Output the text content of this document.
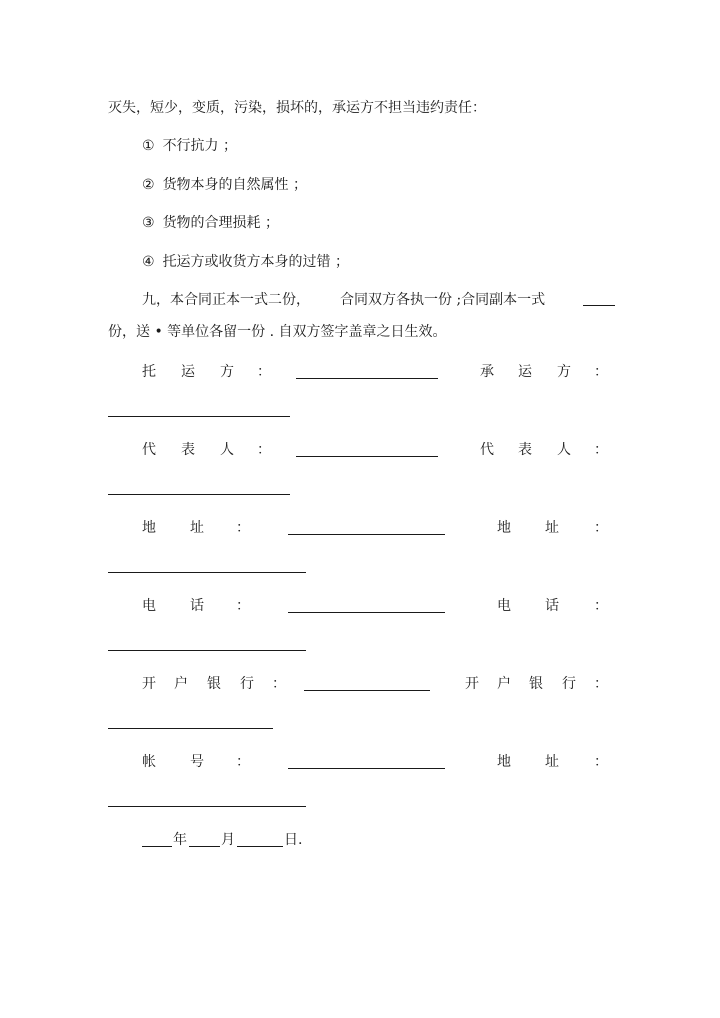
灭失，短少，变质，污染，损坏的，承运方不担当违约责任：
① 不行抗力 ；
② 货物本身的自然属性 ；
③ 货物的合理损耗 ；
④ 托运方或收货方本身的过错 ；
九，本合同正本一式二份， 合同双方各执一份 ;合同副本一式
份，送 • 等单位各留一份 . 自双方签字盖章之日生效。
托 运 方 ：	承 运 方 ：
代 表 人 ：	代 表 人 ：
地 址 ：	地 址	：
电 话 ：	电 话	：
开 户 银 行 ：	开 户 银 行 ：
帐 号 ：	地 址	：
年 月	日.
